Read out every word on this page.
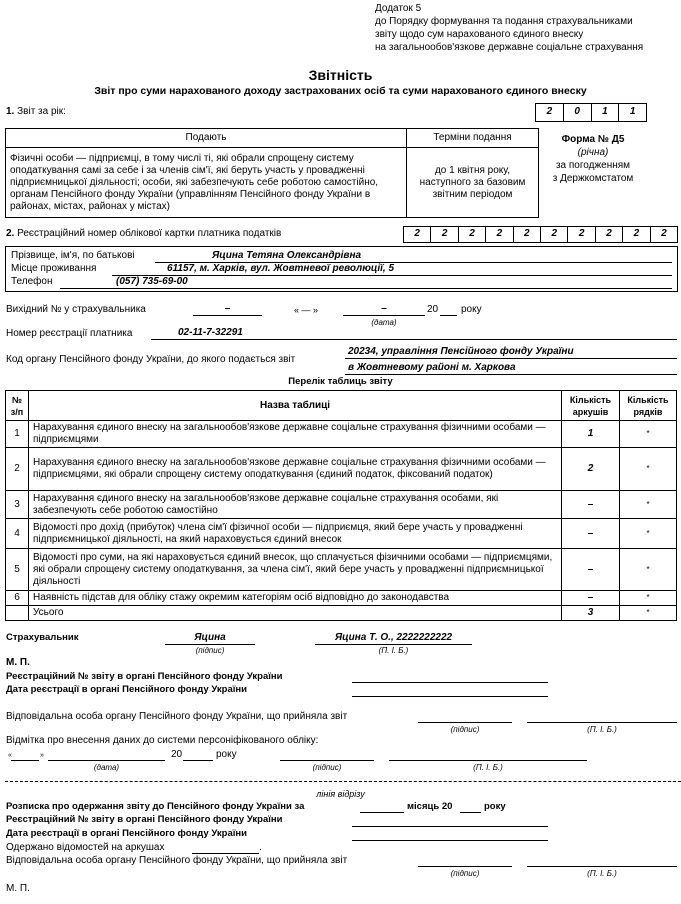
Додаток 5
до Порядку формування та подання страхувальниками
звіту щодо сум нарахованого єдиного внеску
на загальнообов'язкове державне соціальне страхування
Звітність
Звіт про суми нарахованого доходу застрахованих осіб та суми нарахованого єдиного внеску
1. Звіт за рік:	2	0	1	1
Подають	Терміни подання
Фізичні особи — підприємці, в тому числі ті, які обрали спрощену систему оподаткування самі за себе і за членів сім'ї, які беруть участь у провадженні підприємницької діяльності; особи, які забезпечують себе роботою самостійно, органам Пенсійного фонду України (управлінням Пенсійного фонду України в районах, містах, районах у містах)	до 1 квітня року, наступного за базовим звітним періодом
Форма № Д5
(річна)
за погодженням
з Держкомстатом
2. Реєстраційний номер облікової картки платника податків	2	2	2	2	2	2	2	2	2	2
Прізвище, ім'я, по батькові	Яцина Тетяна Олександрівна
Місце проживання	61157, м. Харків, вул. Жовтневої революції, 5
Телефон	(057) 735-69-00
Вихідний № у страхувальника	–	« — »	–	20 року
(дата)
Номер реєстрації платника	02-11-7-32291
Код органу Пенсійного фонду України, до якого подається звіт
20234, управління Пенсійного фонду України
в Жовтневому районі м. Харкова
Перелік таблиць звіту
№ з/п	Назва таблиці	Кількість аркушів	Кількість рядків
1	Нарахування єдиного внеску на загальнообов'язкове державне соціальне страхування фізичними особами — підприємцями	1	*
2	Нарахування єдиного внеску на загальнообов'язкове державне соціальне страхування фізичними особами — підприємцями, які обрали спрощену систему оподаткування (єдиний податок, фіксований податок)	2	*
3	Нарахування єдиного внеску на загальнообов'язкове державне соціальне страхування особами, які забезпечують себе роботою самостійно	–	*
4	Відомості про дохід (прибуток) члена сім'ї фізичної особи — підприємця, який бере участь у провадженні підприємницької діяльності, на який нараховується єдиний внесок	–	*
5	Відомості про суми, на які нараховується єдиний внесок, що сплачується фізичними особами — підприємцями, які обрали спрощену систему оподаткування, за члена сім'ї, який бере участь у провадженні підприємницької діяльності	–	*
6	Наявність підстав для обліку стажу окремим категоріям осіб відповідно до законодавства	–	*
	Усього	3	*
Страхувальник	Яцина
(підпис)
Яцина Т. О., 2222222222
(П. І. Б.)
М. П.
Реєстраційний № звіту в органі Пенсійного фонду України
Дата реєстрації в органі Пенсійного фонду України
Відповідальна особа органу Пенсійного фонду України, що прийняла звіт
(підпис)	(П. І. Б.)
Відмітка про внесення даних до системи персоніфікованого обліку:
«	»	20	року
(дата)	(підпис)	(П. І. Б.)
лінія відрізу
Розписка про одержання звіту до Пенсійного фонду України за	місяць 20	року
Реєстраційний № звіту в органі Пенсійного фонду України
Дата реєстрації в органі Пенсійного фонду України
Одержано відомостей на аркушах	.
Відповідальна особа органу Пенсійного фонду України, що прийняла звіт
(підпис)	(П. І. Б.)
М. П.
